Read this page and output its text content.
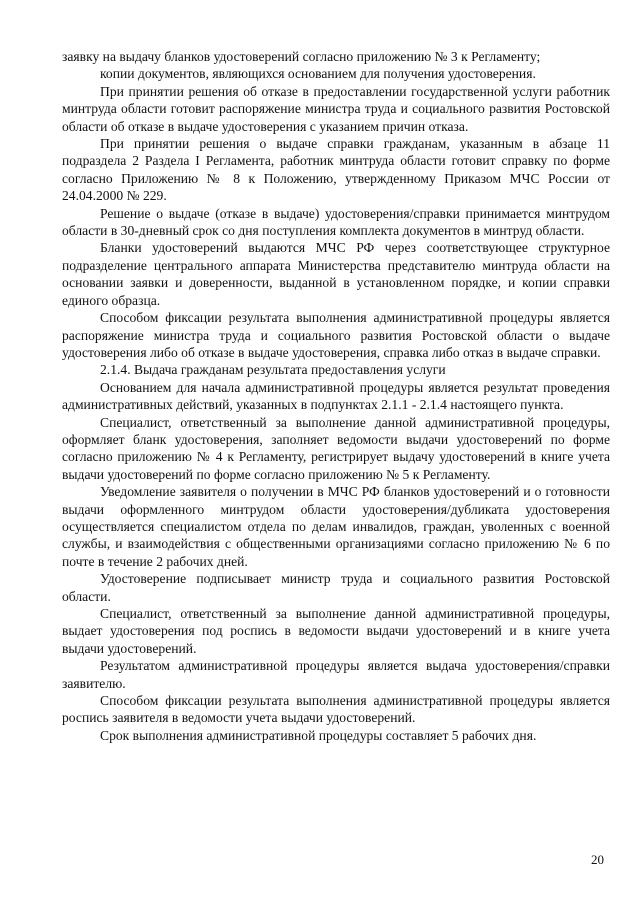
заявку на выдачу бланков удостоверений согласно приложению № 3 к Регламенту;

копии документов, являющихся основанием для получения удостоверения.

При принятии решения об отказе в предоставлении государственной услуги работник минтруда области готовит распоряжение министра труда и социального развития Ростовской области об отказе в выдаче удостоверения с указанием причин отказа.

При принятии решения о выдаче справки гражданам, указанным в абзаце 11 подраздела 2 Раздела I Регламента, работник минтруда области готовит справку по форме согласно Приложению № 8 к Положению, утвержденному Приказом МЧС России от 24.04.2000 № 229.

Решение о выдаче (отказе в выдаче) удостоверения/справки принимается минтрудом области в 30-дневный срок со дня поступления комплекта документов в минтруд области.

Бланки удостоверений выдаются МЧС РФ через соответствующее структурное подразделение центрального аппарата Министерства представителю минтруда области на основании заявки и доверенности, выданной в установленном порядке, и копии справки единого образца.

Способом фиксации результата выполнения административной процедуры является распоряжение министра труда и социального развития Ростовской области о выдаче удостоверения либо об отказе в выдаче удостоверения, справка либо отказ в выдаче справки.

2.1.4. Выдача гражданам результата предоставления услуги

Основанием для начала административной процедуры является результат проведения административных действий, указанных в подпунктах 2.1.1 - 2.1.4 настоящего пункта.

Специалист, ответственный за выполнение данной административной процедуры, оформляет бланк удостоверения, заполняет ведомости выдачи удостоверений по форме согласно приложению № 4 к Регламенту, регистрирует выдачу удостоверений в книге учета выдачи удостоверений по форме согласно приложению № 5 к Регламенту.

Уведомление заявителя о получении в МЧС РФ бланков удостоверений и о готовности выдачи оформленного минтрудом области удостоверения/дубликата удостоверения осуществляется специалистом отдела по делам инвалидов, граждан, уволенных с военной службы, и взаимодействия с общественными организациями согласно приложению № 6 по почте в течение 2 рабочих дней.

Удостоверение подписывает министр труда и социального развития Ростовской области.

Специалист, ответственный за выполнение данной административной процедуры, выдает удостоверения под роспись в ведомости выдачи удостоверений и в книге учета выдачи удостоверений.

Результатом административной процедуры является выдача удостоверения/справки заявителю.

Способом фиксации результата выполнения административной процедуры является роспись заявителя в ведомости учета выдачи удостоверений.

Срок выполнения административной процедуры составляет 5 рабочих дня.

20
